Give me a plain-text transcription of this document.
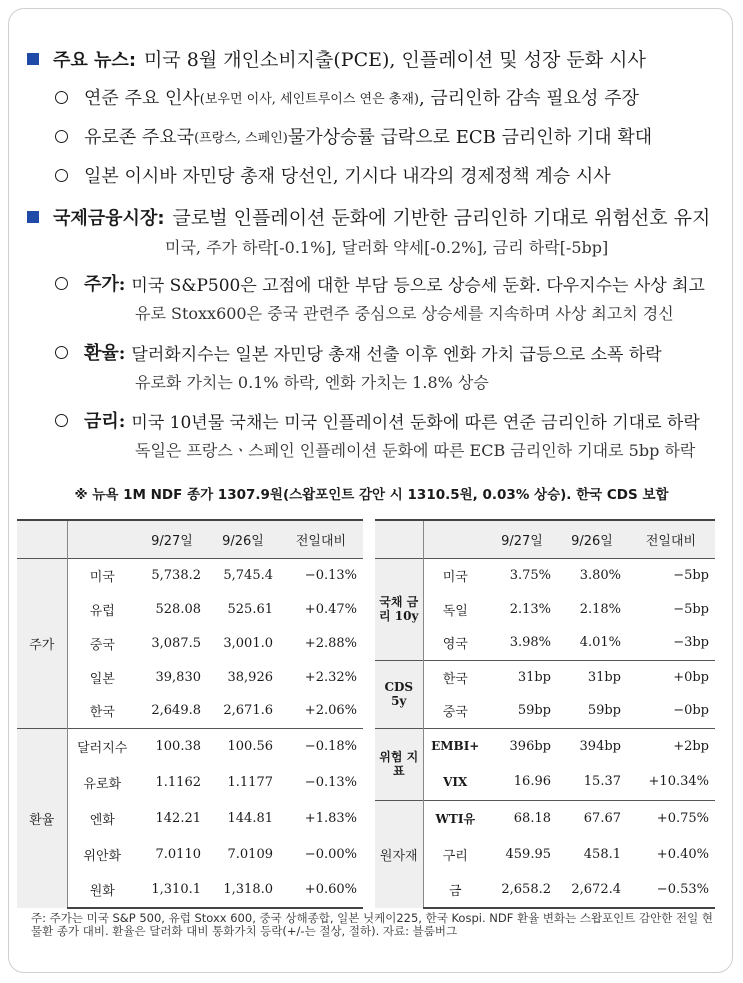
주요 뉴스: 미국 8월 개인소비지출(PCE), 인플레이션 및 성장 둔화 시사
연준 주요 인사 (보우먼 이사, 세인트루이스 연은 총재) , 금리인하 감속 필요성 주장
유로존 주요국 (프랑스, 스페인) 물가상승률 급락으로 ECB 금리인하 기대 확대
일본 이시바 자민당 총재 당선인, 기시다 내각의 경제정책 계승 시사
국제금융시장: 글로벌 인플레이션 둔화에 기반한 금리인하 기대로 위험선호 유지
미국, 주가 하락[-0.1%], 달러화 약세[-0.2%], 금리 하락[-5bp]
주가: 미국 S&P500은 고점에 대한 부담 등으로 상승세 둔화. 다우지수는 사상 최고
유로 Stoxx600은 중국 관련주 중심으로 상승세를 지속하며 사상 최고치 경신
환율: 달러화지수는 일본 자민당 총재 선출 이후 엔화 가치 급등으로 소폭 하락
유로화 가치는 0.1% 하락, 엔화 가치는 1.8% 상승
금리: 미국 10년물 국채는 미국 인플레이션 둔화에 따른 연준 금리인하 기대로 하락
독일은 프랑스ㆍ스페인 인플레이션 둔화에 따른 ECB 금리인하 기대로 5bp 하락
※ 뉴욕 1M NDF 종가 1307.9원(스왑포인트 감안 시 1310.5원, 0.03% 상승). 한국 CDS 보합
		9/27일	9/26일	전일대비
주가	미국	5,738.2	5,745.4	−0.13%
	유럽	528.08	525.61	+0.47%
	중국	3,087.5	3,001.0	+2.88%
	일본	39,830	38,926	+2.32%
	한국	2,649.8	2,671.6	+2.06%
환율	달러지수	100.38	100.56	−0.18%
	유로화	1.1162	1.1177	−0.13%
	엔화	142.21	144.81	+1.83%
	위안화	7.0110	7.0109	−0.00%
	원화	1,310.1	1,318.0	+0.60%
		9/27일	9/26일	전일대비
국채 금리 10y	미국	3.75%	3.80%	−5bp
	독일	2.13%	2.18%	−5bp
	영국	3.98%	4.01%	−3bp
CDS 5y	한국	31bp	31bp	+0bp
	중국	59bp	59bp	−0bp
위험 지표	EMBI+	396bp	394bp	+2bp
	VIX	16.96	15.37	+10.34%
원자재	WTI유	68.18	67.67	+0.75%
	구리	459.95	458.1	+0.40%
	금	2,658.2	2,672.4	−0.53%
주: 주가는 미국 S&P 500, 유럽 Stoxx 600, 중국 상해종합, 일본 닛케이225, 한국 Kospi. NDF 환율 변화는 스왑포인트 감안한 전일 현물환 종가 대비. 환율은 달러화 대비 통화가치 등락(+/-는 절상, 절하). 자료: 블룸버그
